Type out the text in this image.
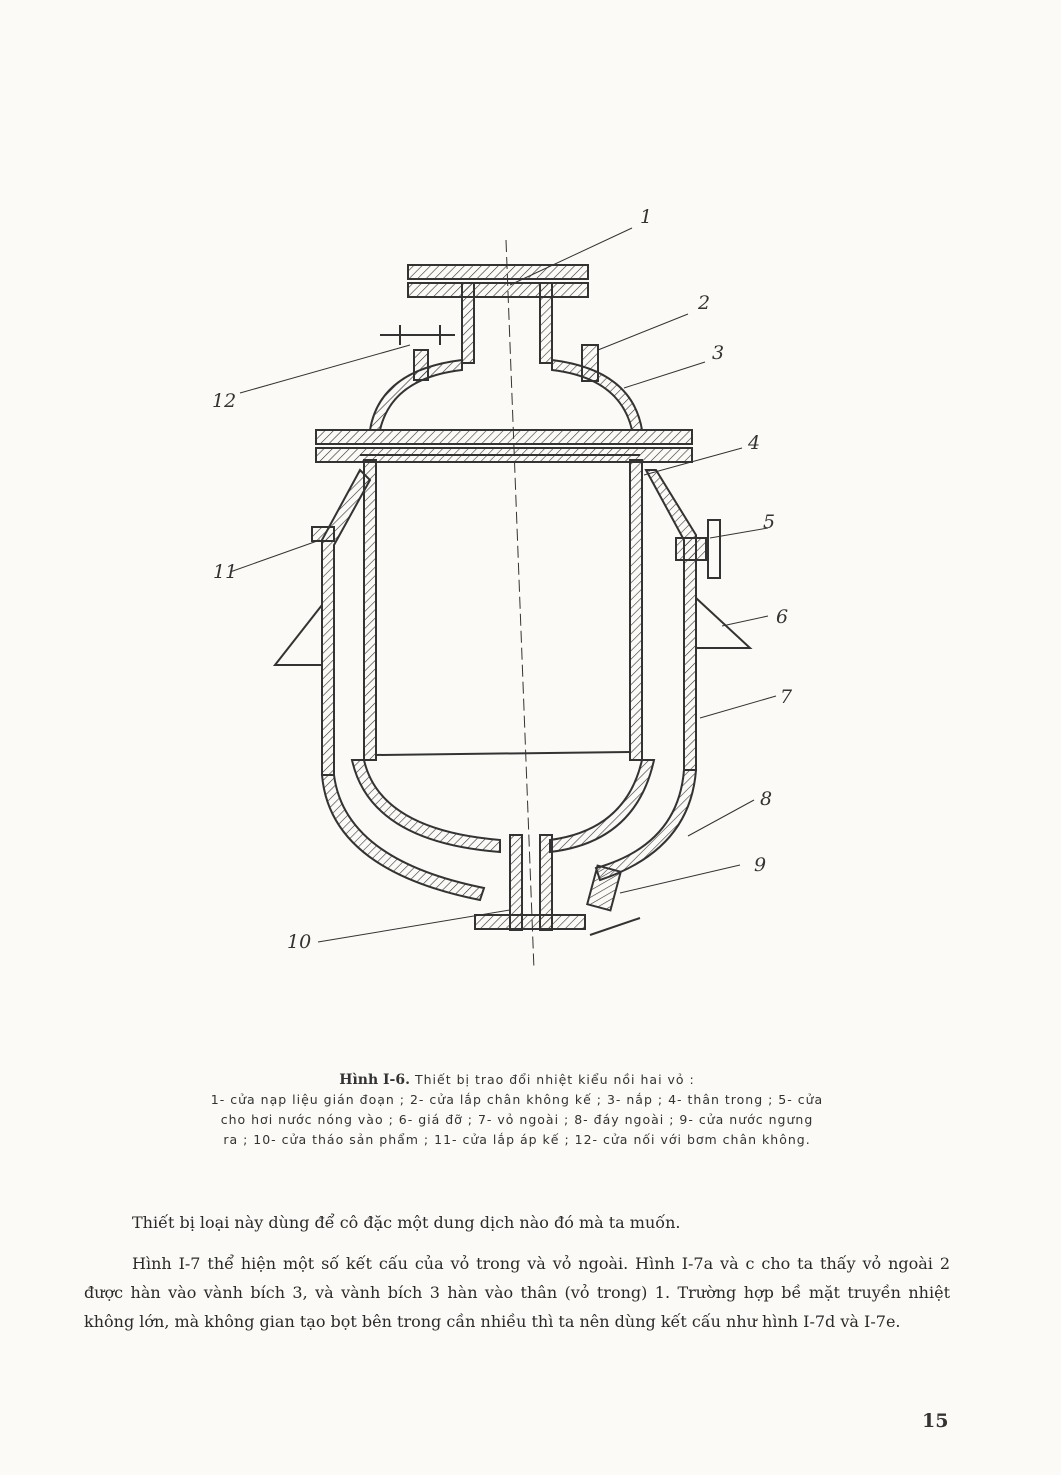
1
2
3
4
5
6
7
8
9
10
11
12
Hình I-6. Thiết bị trao đổi nhiệt kiểu nồi hai vỏ :
1- cửa nạp liệu gián đoạn ; 2- cửa lắp chân không kế ; 3- nắp ; 4- thân trong ; 5- cửa
cho hơi nước nóng vào ; 6- giá đỡ ; 7- vỏ ngoài ; 8- đáy ngoài ; 9- cửa nước ngưng
ra ; 10- cửa tháo sản phẩm ; 11- cửa lắp áp kế ; 12- cửa nối với bơm chân không.

Thiết bị loại này dùng để cô đặc một dung dịch nào đó mà ta muốn.

Hình I-7 thể hiện một số kết cấu của vỏ trong và vỏ ngoài. Hình I-7a và c cho ta thấy vỏ ngoài 2 được hàn vào vành bích 3, và vành bích 3 hàn vào thân (vỏ trong) 1. Trường hợp bề mặt truyền nhiệt không lớn, mà không gian tạo bọt bên trong cần nhiều thì ta nên dùng kết cấu như hình I-7d và I-7e.

15
